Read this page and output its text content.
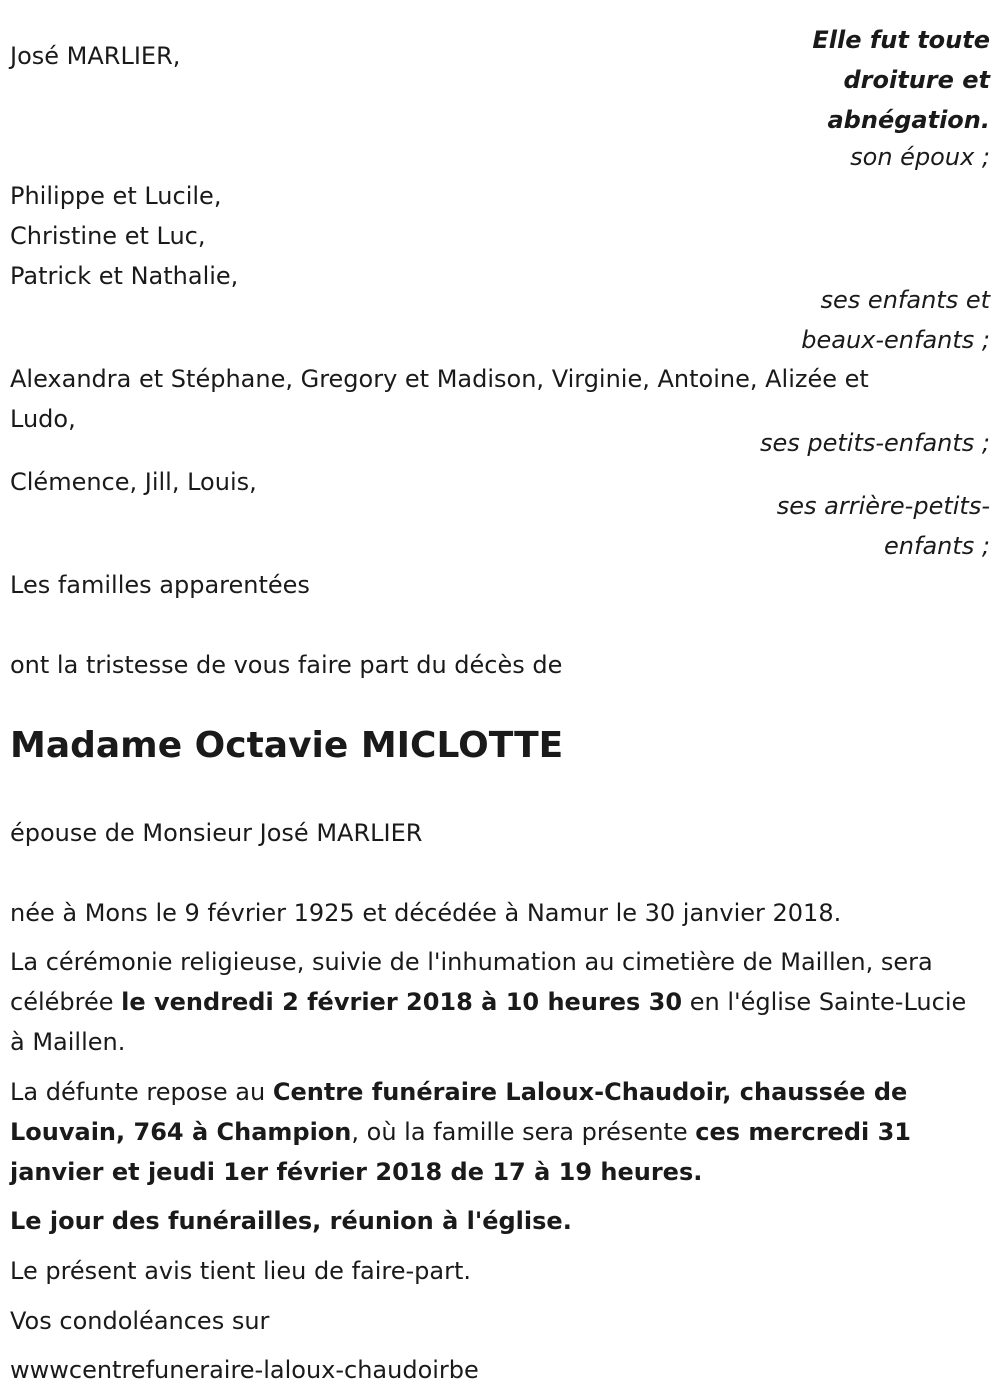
José MARLIER,
Elle fut toute
droiture et
abnégation.
son époux ;
Philippe et Lucile,
Christine et Luc,
Patrick et Nathalie,
ses enfants et
beaux-enfants ;
Alexandra et Stéphane, Gregory et Madison, Virginie, Antoine, Alizée et
Ludo,
ses petits-enfants ;
Clémence, Jill, Louis,
ses arrière-petits-
enfants ;
Les familles apparentées
ont la tristesse de vous faire part du décès de
Madame Octavie MICLOTTE
épouse de Monsieur José MARLIER
née à Mons le 9 février 1925 et décédée à Namur le 30 janvier 2018.
La cérémonie religieuse, suivie de l'inhumation au cimetière de Maillen, sera célébrée le vendredi 2 février 2018 à 10 heures 30 en l'église Sainte-Lucie à Maillen.
La défunte repose au Centre funéraire Laloux-Chaudoir, chaussée de Louvain, 764 à Champion, où la famille sera présente ces mercredi 31 janvier et jeudi 1er février 2018 de 17 à 19 heures.
Le jour des funérailles, réunion à l'église.
Le présent avis tient lieu de faire-part.
Vos condoléances sur
wwwcentrefuneraire-laloux-chaudoirbe
